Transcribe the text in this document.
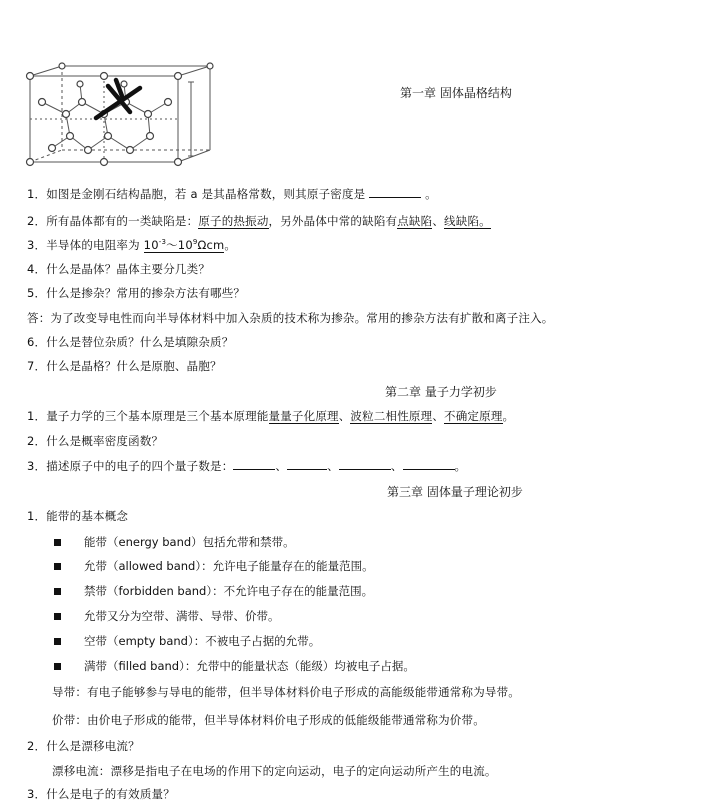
第一章 固体晶格结构
1．如图是金刚石结构晶胞，若 a 是其晶格常数，则其原子密度是	。
2．所有晶体都有的一类缺陷是：原子的热振动，另外晶体中常的缺陷有点缺陷、线缺陷。
3．半导体的电阻率为 $10^{-3}\sim 10^9\Omega cm$。
4．什么是晶体？晶体主要分几类？
5．什么是掺杂？常用的掺杂方法有哪些？
答：为了改变导电性而向半导体材料中加入杂质的技术称为掺杂。常用的掺杂方法有扩散和离子注入。
6．什么是替位杂质？什么是填隙杂质？
7．什么是晶格？什么是原胞、晶胞？
第二章 量子力学初步
1．量子力学的三个基本原理是三个基本原理能量量子化原理、波粒二相性原理、不确定原理。
2．什么是概率密度函数？
3．描述原子中的电子的四个量子数是：	、	、	、	。
第三章 固体量子理论初步
1．能带的基本概念
能带（energy band）包括允带和禁带。
允带（allowed band）：允许电子能量存在的能量范围。
禁带（forbidden band）：不允许电子存在的能量范围。
允带又分为空带、满带、导带、价带。
空带（empty band）：不被电子占据的允带。
满带（filled band）：允带中的能量状态（能级）均被电子占据。
导带：有电子能够参与导电的能带，但半导体材料价电子形成的高能级能带通常称为导带。
价带：由价电子形成的能带，但半导体材料价电子形成的低能级能带通常称为价带。
2．什么是漂移电流？
漂移电流：漂移是指电子在电场的作用下的定向运动，电子的定向运动所产生的电流。
3．什么是电子的有效质量？
